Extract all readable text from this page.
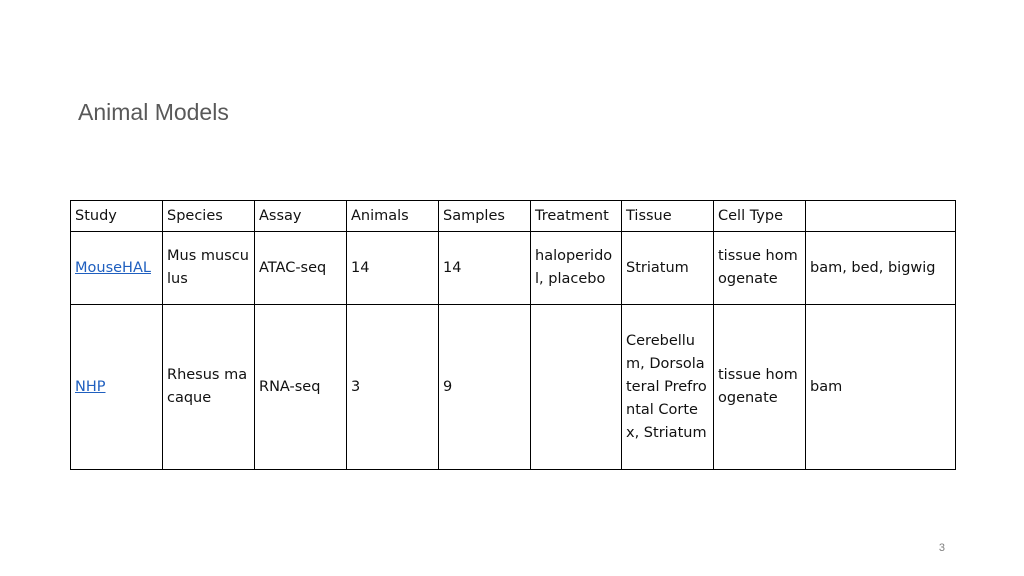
Animal Models
Study	Species	Assay	Animals	Samples	Treatment	Tissue	Cell Type	
MouseHAL	Mus musculus	ATAC-seq	14	14	haloperidol, placebo	Striatum	tissue homogenate	bam, bed, bigwig
NHP	Rhesus macaque	RNA-seq	3	9		Cerebellum, Dorsolateral Prefrontal Cortex, Striatum	tissue homogenate	bam
3
